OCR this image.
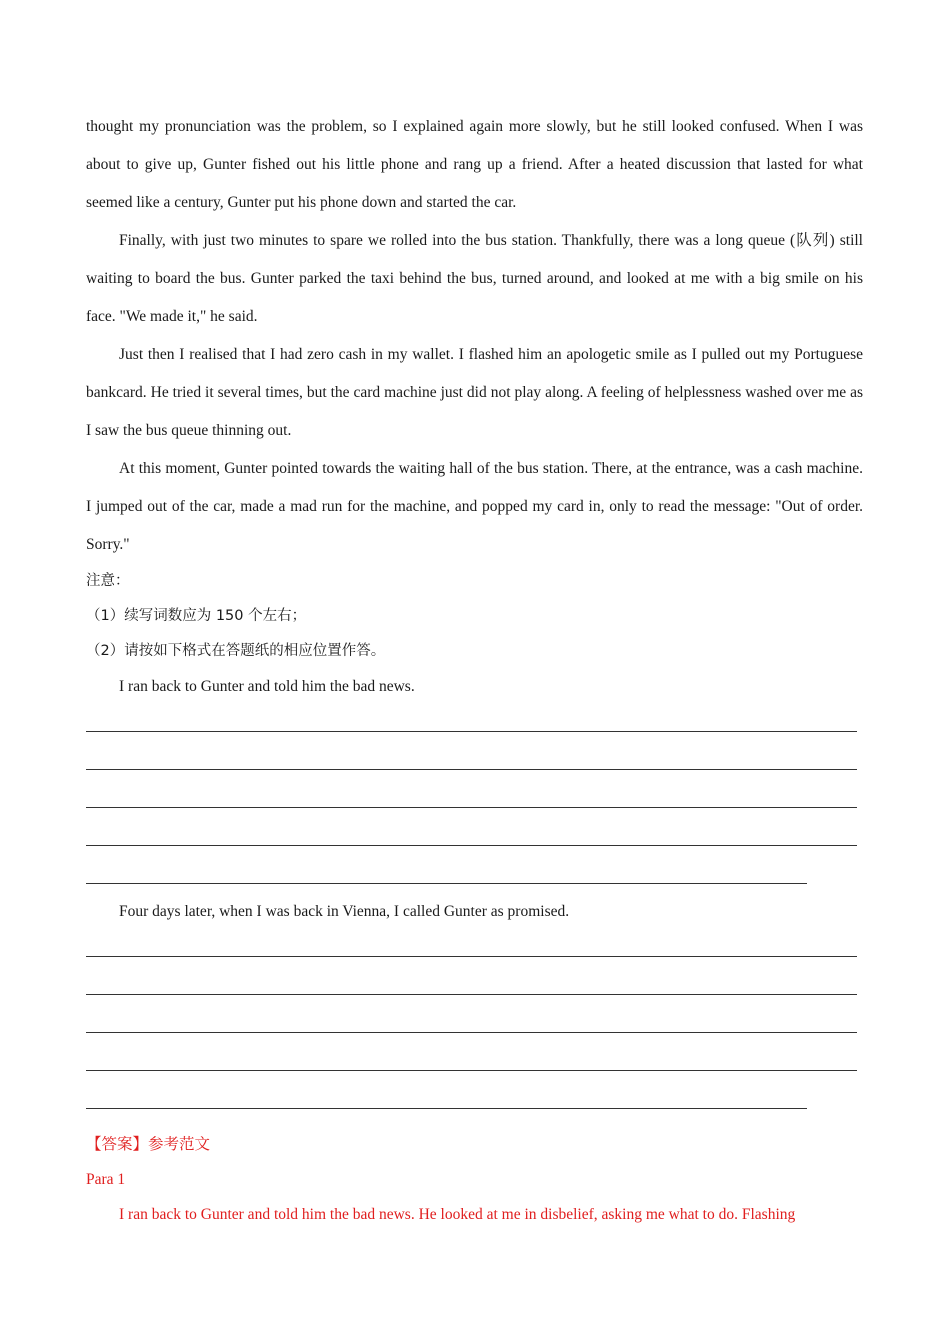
thought my pronunciation was the problem, so I explained again more slowly, but he still looked confused. When I was about to give up, Gunter fished out his little phone and rang up a friend. After a heated discussion that lasted for what seemed like a century, Gunter put his phone down and started the car.

Finally, with just two minutes to spare we rolled into the bus station. Thankfully, there was a long queue (队列) still waiting to board the bus. Gunter parked the taxi behind the bus, turned around, and looked at me with a big smile on his face. "We made it," he said.

Just then I realised that I had zero cash in my wallet. I flashed him an apologetic smile as I pulled out my Portuguese bankcard. He tried it several times, but the card machine just did not play along. A feeling of helplessness washed over me as I saw the bus queue thinning out.

At this moment, Gunter pointed towards the waiting hall of the bus station. There, at the entrance, was a cash machine. I jumped out of the car, made a mad run for the machine, and popped my card in, only to read the message: "Out of order. Sorry."

注意：

（1）续写词数应为 150 个左右；

（2）请按如下格式在答题纸的相应位置作答。

I ran back to Gunter and told him the bad news.

Four days later, when I was back in Vienna, I called Gunter as promised.

【答案】参考范文

Para 1

I ran back to Gunter and told him the bad news. He looked at me in disbelief, asking me what to do. Flashing
